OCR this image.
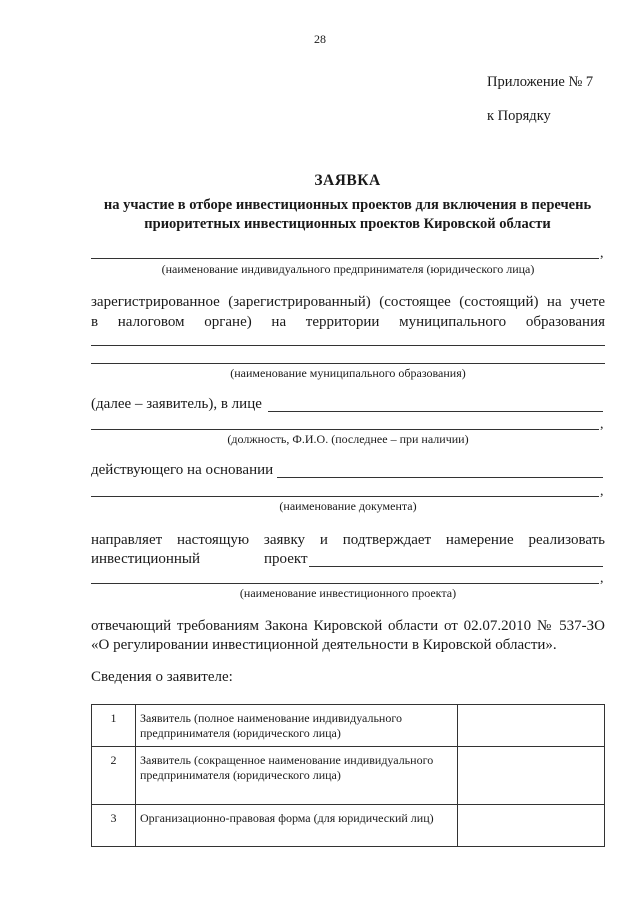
28
Приложение № 7
к Порядку
ЗАЯВКА
на участие в отборе инвестиционных проектов для включения в перечень
приоритетных инвестиционных проектов Кировской области
,
(наименование индивидуального предпринимателя (юридического лица)
зарегистрированное (зарегистрированный) (состоящее (состоящий) на учете
в налоговом органе) на территории муниципального образования
(наименование муниципального образования)
(далее – заявитель), в лице
,
(должность, Ф.И.О. (последнее – при наличии)
действующего на основании
,
(наименование документа)
направляет настоящую заявку и подтверждает намерение реализовать
инвестиционный	проект
,
(наименование инвестиционного проекта)
отвечающий требованиям Закона Кировской области от 02.07.2010 № 537-ЗО
«О регулировании инвестиционной деятельности в Кировской области».
Сведения о заявителе:
1	Заявитель (полное наименование индивидуального предпринимателя (юридического лица)	
2	Заявитель (сокращенное наименование индивидуального предпринимателя (юридического лица)	
3	Организационно-правовая форма (для юридический лиц)	
